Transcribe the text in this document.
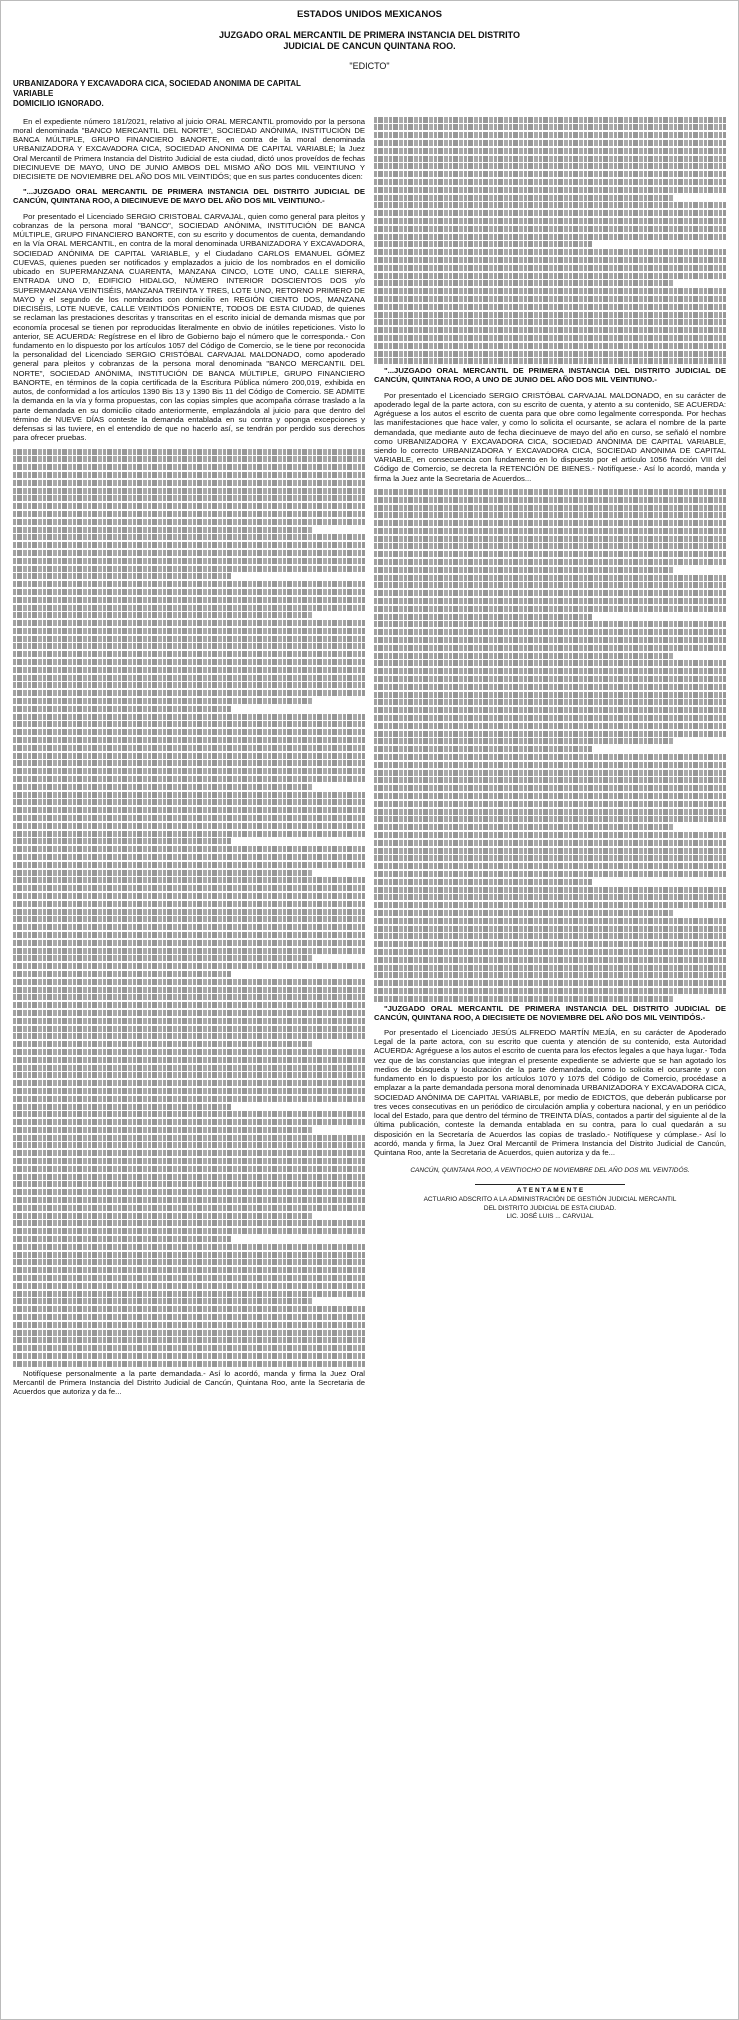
ESTADOS UNIDOS MEXICANOS
JUZGADO ORAL MERCANTIL DE PRIMERA INSTANCIA DEL DISTRITO
JUDICIAL DE CANCUN QUINTANA ROO.
"EDICTO"
URBANIZADORA Y EXCAVADORA CICA, SOCIEDAD ANONIMA DE CAPITAL
VARIABLE
DOMICILIO IGNORADO.

En el expediente número 181/2021, relativo al juicio ORAL MERCANTIL promovido por la persona moral denominada "BANCO MERCANTIL DEL NORTE", SOCIEDAD ANÓNIMA, INSTITUCIÓN DE BANCA MÚLTIPLE, GRUPO FINANCIERO BANORTE, en contra de la moral denominada URBANIZADORA Y EXCAVADORA CICA, SOCIEDAD ANONIMA DE CAPITAL VARIABLE; la Juez Oral Mercantil de Primera Instancia del Distrito Judicial de esta ciudad, dictó unos proveídos de fechas DIECINUEVE DE MAYO, UNO DE JUNIO AMBOS DEL MISMO AÑO DOS MIL VEINTIUNO Y DIECISIETE DE NOVIEMBRE DEL AÑO DOS MIL VEINTIDÓS; que en sus partes conducentes dicen:

"...JUZGADO ORAL MERCANTIL DE PRIMERA INSTANCIA DEL DISTRITO JUDICIAL DE CANCÚN, QUINTANA ROO, A DIECINUEVE DE MAYO DEL AÑO DOS MIL VEINTIUNO.-

Por presentado el Licenciado SERGIO CRISTOBAL CARVAJAL, quien como general para pleitos y cobranzas de la persona moral "BANCO", SOCIEDAD ANÓNIMA, INSTITUCIÓN DE BANCA MÚLTIPLE, GRUPO FINANCIERO BANORTE, con su escrito y documentos de cuenta, demandando en la Vía ORAL MERCANTIL, en contra de la moral denominada URBANIZADORA Y EXCAVADORA, SOCIEDAD ANÓNIMA DE CAPITAL VARIABLE, y el Ciudadano CARLOS EMANUEL GÓMEZ CUEVAS, quienes pueden ser notificados y emplazados a juicio de los nombrados en el domicilio ubicado en SUPERMANZANA CUARENTA, MANZANA CINCO, LOTE UNO, CALLE SIERRA, ENTRADA UNO D, EDIFICIO HIDALGO, NÚMERO INTERIOR DOSCIENTOS DOS y/o SUPERMANZANA VEINTISÉIS, MANZANA TREINTA Y TRES, LOTE UNO, RETORNO PRIMERO DE MAYO y el segundo de los nombrados con domicilio en REGIÓN CIENTO DOS, MANZANA DIECISÉIS, LOTE NUEVE, CALLE VEINTIDÓS PONIENTE, TODOS DE ESTA CIUDAD, de quienes se reclaman las prestaciones descritas y transcritas en el escrito inicial de demanda mismas que por economía procesal se tienen por reproducidas literalmente en obvio de inútiles repeticiones. Visto lo anterior, SE ACUERDA: Regístrese en el libro de Gobierno bajo el número que le corresponda.- Con fundamento en lo dispuesto por los artículos 1057 del Código de Comercio, se le tiene por reconocida la personalidad del Licenciado SERGIO CRISTÓBAL CARVAJAL MALDONADO, como apoderado general para pleitos y cobranzas de la persona moral denominada "BANCO MERCANTIL DEL NORTE", SOCIEDAD ANÓNIMA, INSTITUCIÓN DE BANCA MÚLTIPLE, GRUPO FINANCIERO BANORTE, en términos de la copia certificada de la Escritura Pública número 200,019, exhibida en autos, de conformidad a los artículos 1390 Bis 13 y 1390 Bis 11 del Código de Comercio. SE ADMITE la demanda en la vía y forma propuestas, con las copias simples que acompaña córrase traslado a la parte demandada en su domicilio citado anteriormente, emplazándola al juicio para que dentro del término de NUEVE DÍAS conteste la demanda entablada en su contra y oponga excepciones y defensas si las tuviere, en el entendido de que no hacerlo así, se tendrán por perdido sus derechos para ofrecer pruebas.

Notifíquese personalmente a la parte demandada.- Así lo acordó, manda y firma la Juez Oral Mercantil de Primera Instancia del Distrito Judicial de Cancún, Quintana Roo, ante la Secretaria de Acuerdos que autoriza y da fe...

"...JUZGADO ORAL MERCANTIL DE PRIMERA INSTANCIA DEL DISTRITO JUDICIAL DE CANCÚN, QUINTANA ROO, A UNO DE JUNIO DEL AÑO DOS MIL VEINTIUNO.-

Por presentado el Licenciado SERGIO CRISTÓBAL CARVAJAL MALDONADO, en su carácter de apoderado legal de la parte actora, con su escrito de cuenta, y atento a su contenido, SE ACUERDA: Agréguese a los autos el escrito de cuenta para que obre como legalmente corresponda. Por hechas las manifestaciones que hace valer, y como lo solicita el ocursante, se aclara el nombre de la parte demandada, que mediante auto de fecha diecinueve de mayo del año en curso, se señaló el nombre como URBANIZADORA Y EXCAVADORA CICA, SOCIEDAD ANÓNIMA DE CAPITAL VARIABLE, siendo lo correcto URBANIZADORA Y EXCAVADORA CICA, SOCIEDAD ANONIMA DE CAPITAL VARIABLE, en consecuencia con fundamento en lo dispuesto por el artículo 1056 fracción VIII del Código de Comercio, se decreta la RETENCIÓN DE BIENES.- Notifíquese.- Así lo acordó, manda y firma la Juez ante la Secretaria de Acuerdos...

"JUZGADO ORAL MERCANTIL DE PRIMERA INSTANCIA DEL DISTRITO JUDICIAL DE CANCÚN, QUINTANA ROO, A DIECISIETE DE NOVIEMBRE DEL AÑO DOS MIL VEINTIDÓS.-

Por presentado el Licenciado JESÚS ALFREDO MARTÍN MEJÍA, en su carácter de Apoderado Legal de la parte actora, con su escrito que cuenta y atención de su contenido, esta Autoridad ACUERDA: Agréguese a los autos el escrito de cuenta para los efectos legales a que haya lugar.- Toda vez que de las constancias que integran el presente expediente se advierte que se han agotado los medios de búsqueda y localización de la parte demandada, como lo solicita el ocursante y con fundamento en lo dispuesto por los artículos 1070 y 1075 del Código de Comercio, procédase a emplazar a la parte demandada persona moral denominada URBANIZADORA Y EXCAVADORA CICA, SOCIEDAD ANÓNIMA DE CAPITAL VARIABLE, por medio de EDICTOS, que deberán publicarse por tres veces consecutivas en un periódico de circulación amplia y cobertura nacional, y en un periódico local del Estado, para que dentro del término de TREINTA DÍAS, contados a partir del siguiente al de la última publicación, conteste la demanda entablada en su contra, para lo cual quedarán a su disposición en la Secretaría de Acuerdos las copias de traslado.- Notifíquese y cúmplase.- Así lo acordó, manda y firma, la Juez Oral Mercantil de Primera Instancia del Distrito Judicial de Cancún, Quintana Roo, ante la Secretaria de Acuerdos, quien autoriza y da fe...

CANCÚN, QUINTANA ROO, A VEINTIOCHO DE NOVIEMBRE DEL AÑO DOS MIL VEINTIDÓS.
A T E N T A M E N T E
ACTUARIO ADSCRITO A LA ADMINISTRACIÓN DE GESTIÓN JUDICIAL MERCANTIL
DEL DISTRITO JUDICIAL DE ESTA CIUDAD.
LIC. JOSÉ LUIS ... CARVIJAL
